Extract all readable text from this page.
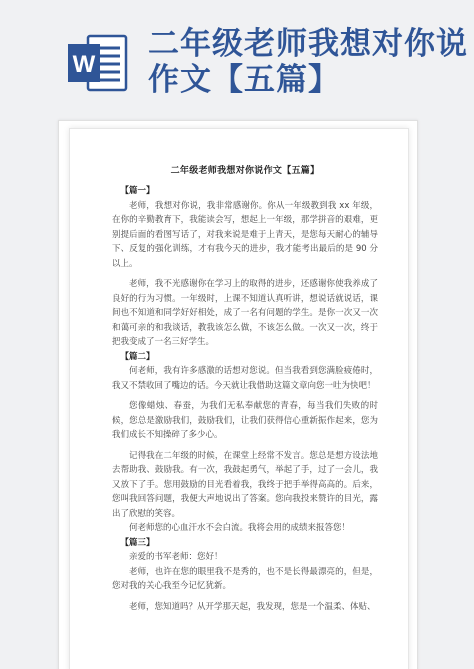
W
二年级老师我想对你说作文【五篇】
二年级老师我想对你说作文【五篇】
【篇一】

老师，我想对你说，我非常感谢你。你从一年级教到我 xx 年级，在你的辛勤教育下，我能读会写，想起上一年级，那学拼音的艰难，更别提后面的看图写话了，对我来说是难于上青天，是您每天耐心的辅导下、反复的强化训练，才有我今天的进步，我才能考出最后的是 90 分以上。

老师，我不光感谢你在学习上的取得的进步，还感谢你使我养成了良好的行为习惯。一年级时，上课不知道认真听讲，想说话就说话，课间也不知道和同学好好相处，成了一名有问题的学生。是你一次又一次和蔼可亲的和我谈话，教我该怎么做，不该怎么做。一次又一次，终于把我变成了一名三好学生。

【篇二】

何老师，我有许多感激的话想对您说。但当我看到您满脸疲倦时，我又不禁收回了嘴边的话。今天就让我借助这篇文章向您一吐为快吧！

您像蜡烛、春蚕，为我们无私奉献您的青春，每当我们失败的时候，您总是激励我们，鼓励我们，让我们获得信心重新振作起来，您为我们成长不知操碎了多少心。

记得我在二年级的时候，在课堂上经常不发言。您总是想方设法地去帮助我、鼓励我。有一次，我鼓起勇气，举起了手，过了一会儿，我又放下了手。您用鼓励的目光看着我，我终于把手举得高高的。后来，您叫我回答问题，我便大声地说出了答案。您向我投来赞许的目光，露出了欣慰的笑容。

何老师您的心血汗水不会白流。我将会用的成绩来报答您！

【篇三】

亲爱的书军老师：您好！

老师，也许在您的眼里我不是秀的，也不是长得最漂亮的，但是，您对我的关心我至今记忆犹新。

老师，您知道吗？从开学那天起，我发现，您是一个温柔、体贴、
